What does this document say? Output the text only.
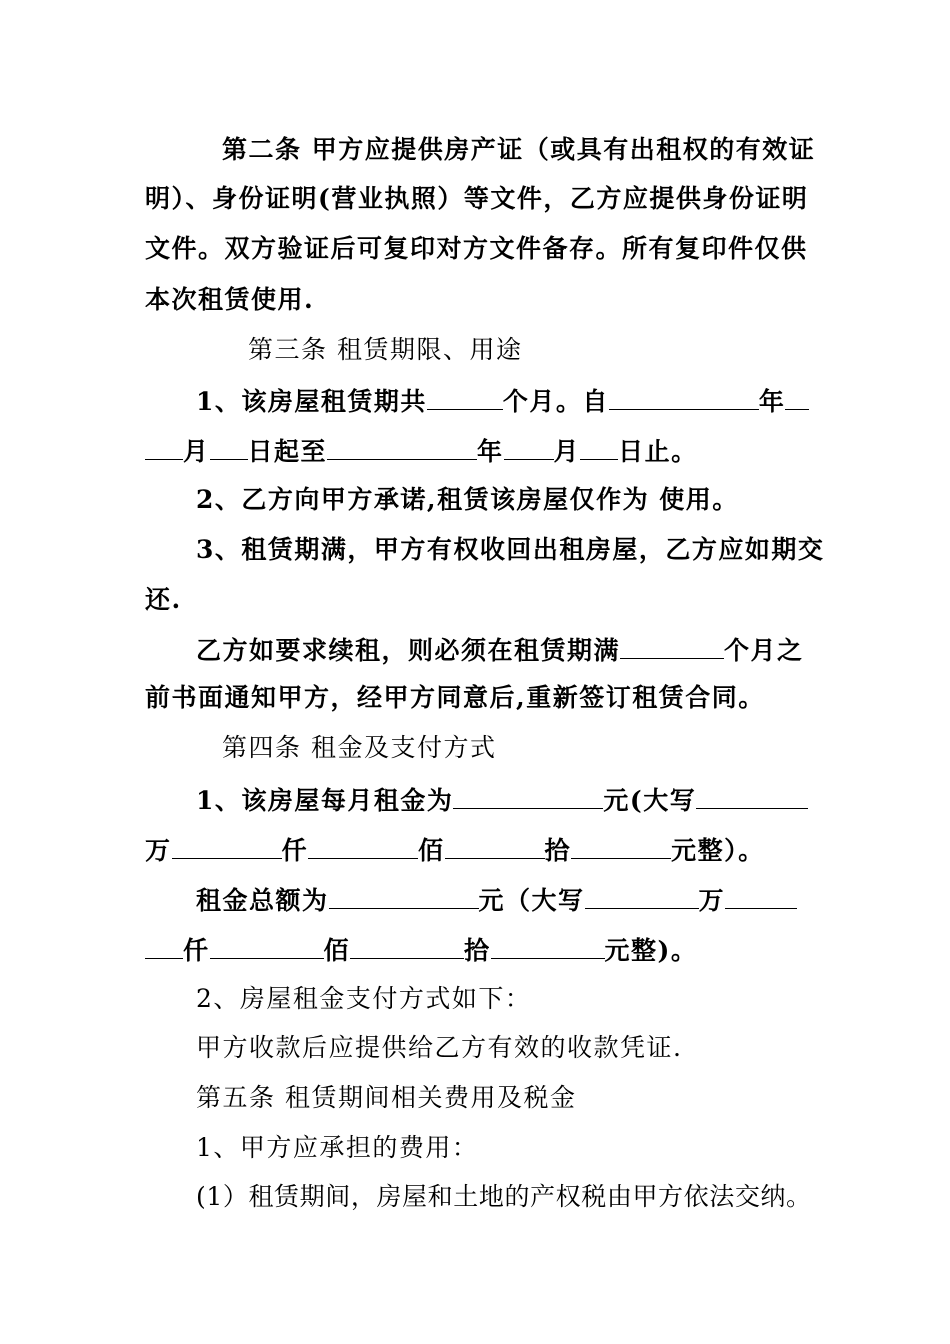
第二条 甲方应提供房产证（或具有出租权的有效证
明）、身份证明(营业执照）等文件，乙方应提供身份证明
文件。双方验证后可复印对方文件备存。所有复印件仅供
本次租赁使用.
第三条 租赁期限、用途
1、该房屋租赁期共	个月。自	年
月 日起至	年 月 日止。
2、乙方向甲方承诺,租赁该房屋仅作为 使用。
3、租赁期满，甲方有权收回出租房屋，乙方应如期交
还.
乙方如要求续租，则必须在租赁期满	个月之
前书面通知甲方，经甲方同意后,重新签订租赁合同。
第四条 租金及支付方式
1、该房屋每月租金为	元(大写
万	仟	佰	拾	元整）。
租金总额为	元（大写	万
仟	佰	拾	元整)。
2、房屋租金支付方式如下：
甲方收款后应提供给乙方有效的收款凭证.
第五条 租赁期间相关费用及税金
1、甲方应承担的费用：
(1）租赁期间，房屋和土地的产权税由甲方依法交纳。
